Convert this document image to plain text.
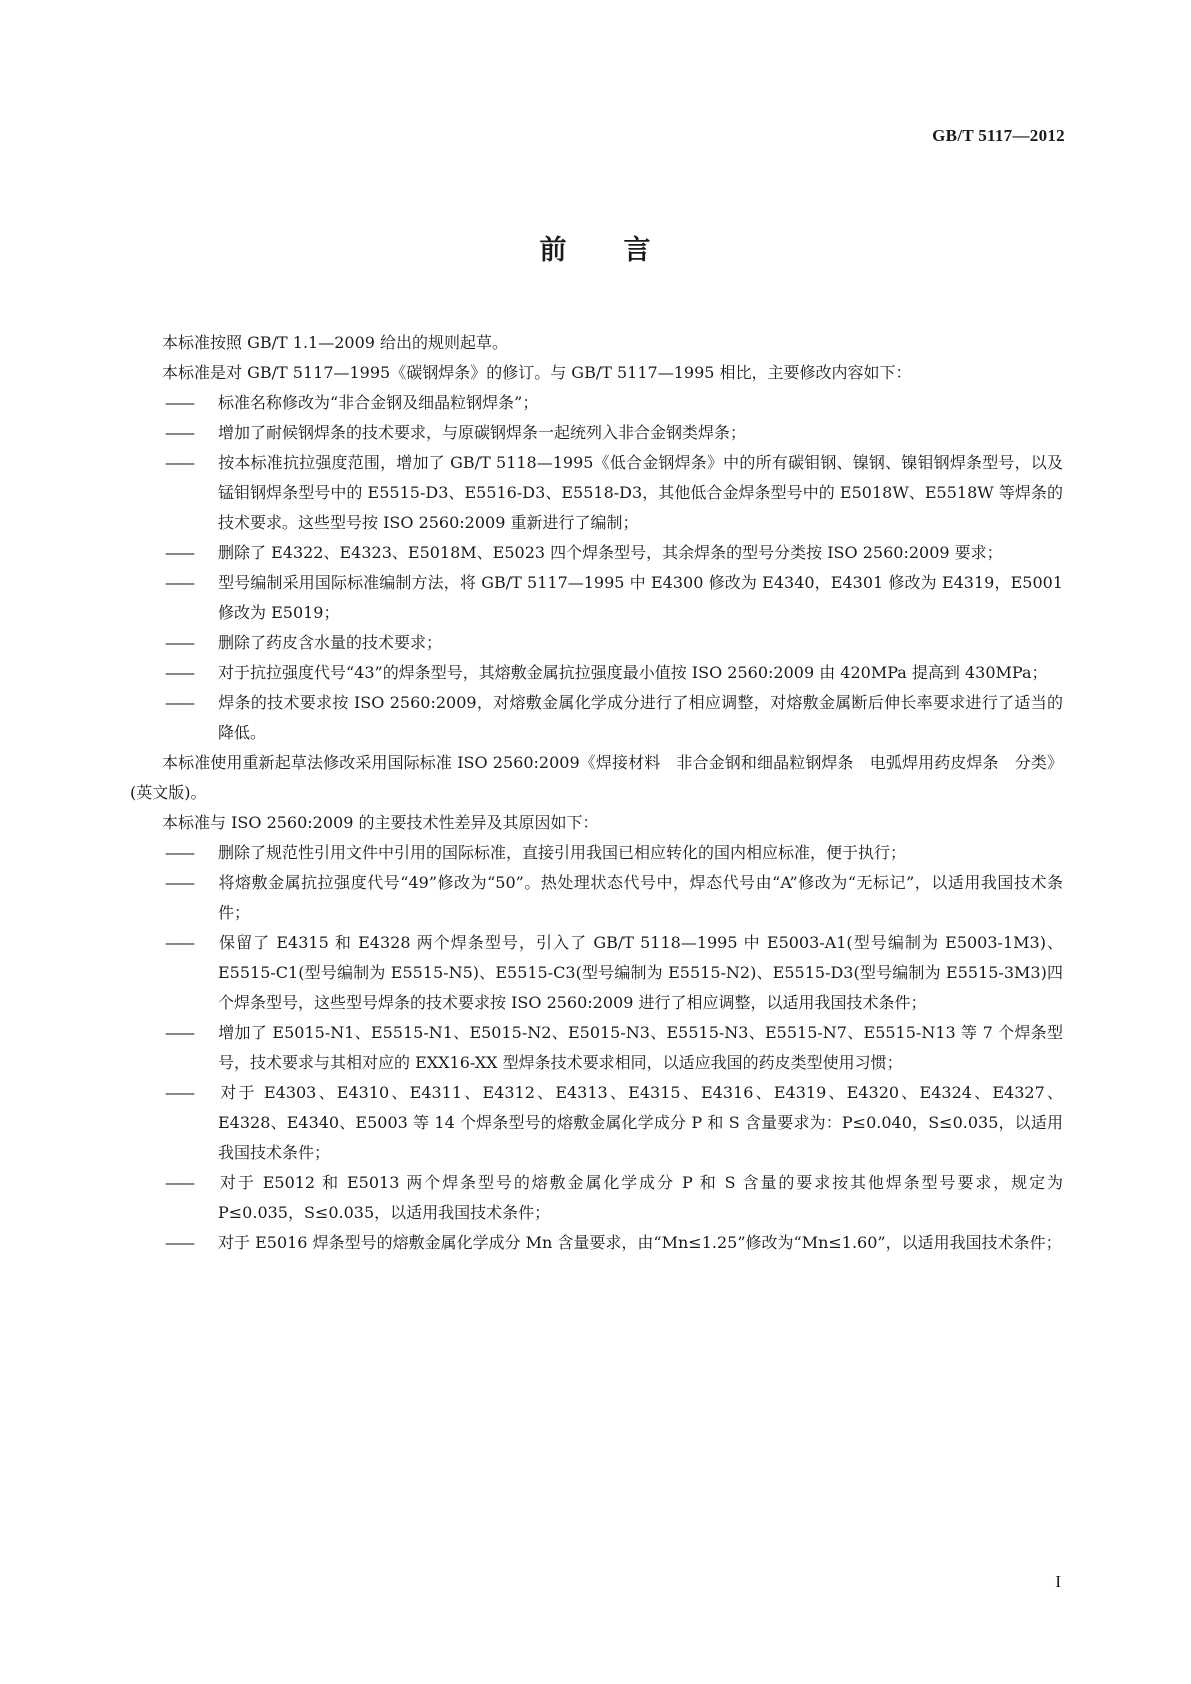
GB/T 5117—2012
前 言

本标准按照 GB/T 1.1—2009 给出的规则起草。

本标准是对 GB/T 5117—1995《碳钢焊条》的修订。与 GB/T 5117—1995 相比，主要修改内容如下：

—— 标准名称修改为“非合金钢及细晶粒钢焊条”；

—— 增加了耐候钢焊条的技术要求，与原碳钢焊条一起统列入非合金钢类焊条；

—— 按本标准抗拉强度范围，增加了 GB/T 5118—1995《低合金钢焊条》中的所有碳钼钢、镍钢、镍钼钢焊条型号，以及锰钼钢焊条型号中的 E5515-D3、E5516-D3、E5518-D3，其他低合金焊条型号中的 E5018W、E5518W 等焊条的技术要求。这些型号按 ISO 2560:2009 重新进行了编制；

—— 删除了 E4322、E4323、E5018M、E5023 四个焊条型号，其余焊条的型号分类按 ISO 2560:2009 要求；

—— 型号编制采用国际标准编制方法，将 GB/T 5117—1995 中 E4300 修改为 E4340，E4301 修改为 E4319，E5001 修改为 E5019；

—— 删除了药皮含水量的技术要求；

—— 对于抗拉强度代号“43”的焊条型号，其熔敷金属抗拉强度最小值按 ISO 2560:2009 由 420MPa 提高到 430MPa；

—— 焊条的技术要求按 ISO 2560:2009，对熔敷金属化学成分进行了相应调整，对熔敷金属断后伸长率要求进行了适当的降低。

本标准使用重新起草法修改采用国际标准 ISO 2560:2009《焊接材料　非合金钢和细晶粒钢焊条　电弧焊用药皮焊条　分类》(英文版)。

本标准与 ISO 2560:2009 的主要技术性差异及其原因如下：

—— 删除了规范性引用文件中引用的国际标准，直接引用我国已相应转化的国内相应标准，便于执行；

—— 将熔敷金属抗拉强度代号“49”修改为“50”。热处理状态代号中，焊态代号由“A”修改为“无标记”，以适用我国技术条件；

—— 保留了 E4315 和 E4328 两个焊条型号，引入了 GB/T 5118—1995 中 E5003-A1(型号编制为 E5003-1M3)、E5515-C1(型号编制为 E5515-N5)、E5515-C3(型号编制为 E5515-N2)、E5515-D3(型号编制为 E5515-3M3)四个焊条型号，这些型号焊条的技术要求按 ISO 2560:2009 进行了相应调整，以适用我国技术条件；

—— 增加了 E5015-N1、E5515-N1、E5015-N2、E5015-N3、E5515-N3、E5515-N7、E5515-N13 等 7 个焊条型号，技术要求与其相对应的 EXX16-XX 型焊条技术要求相同，以适应我国的药皮类型使用习惯；

—— 对于 E4303、E4310、E4311、E4312、E4313、E4315、E4316、E4319、E4320、E4324、E4327、E4328、E4340、E5003 等 14 个焊条型号的熔敷金属化学成分 P 和 S 含量要求为：P≤0.040，S≤0.035，以适用我国技术条件；

—— 对于 E5012 和 E5013 两个焊条型号的熔敷金属化学成分 P 和 S 含量的要求按其他焊条型号要求，规定为 P≤0.035，S≤0.035，以适用我国技术条件；

—— 对于 E5016 焊条型号的熔敷金属化学成分 Mn 含量要求，由“Mn≤1.25”修改为“Mn≤1.60”，以适用我国技术条件；

I
